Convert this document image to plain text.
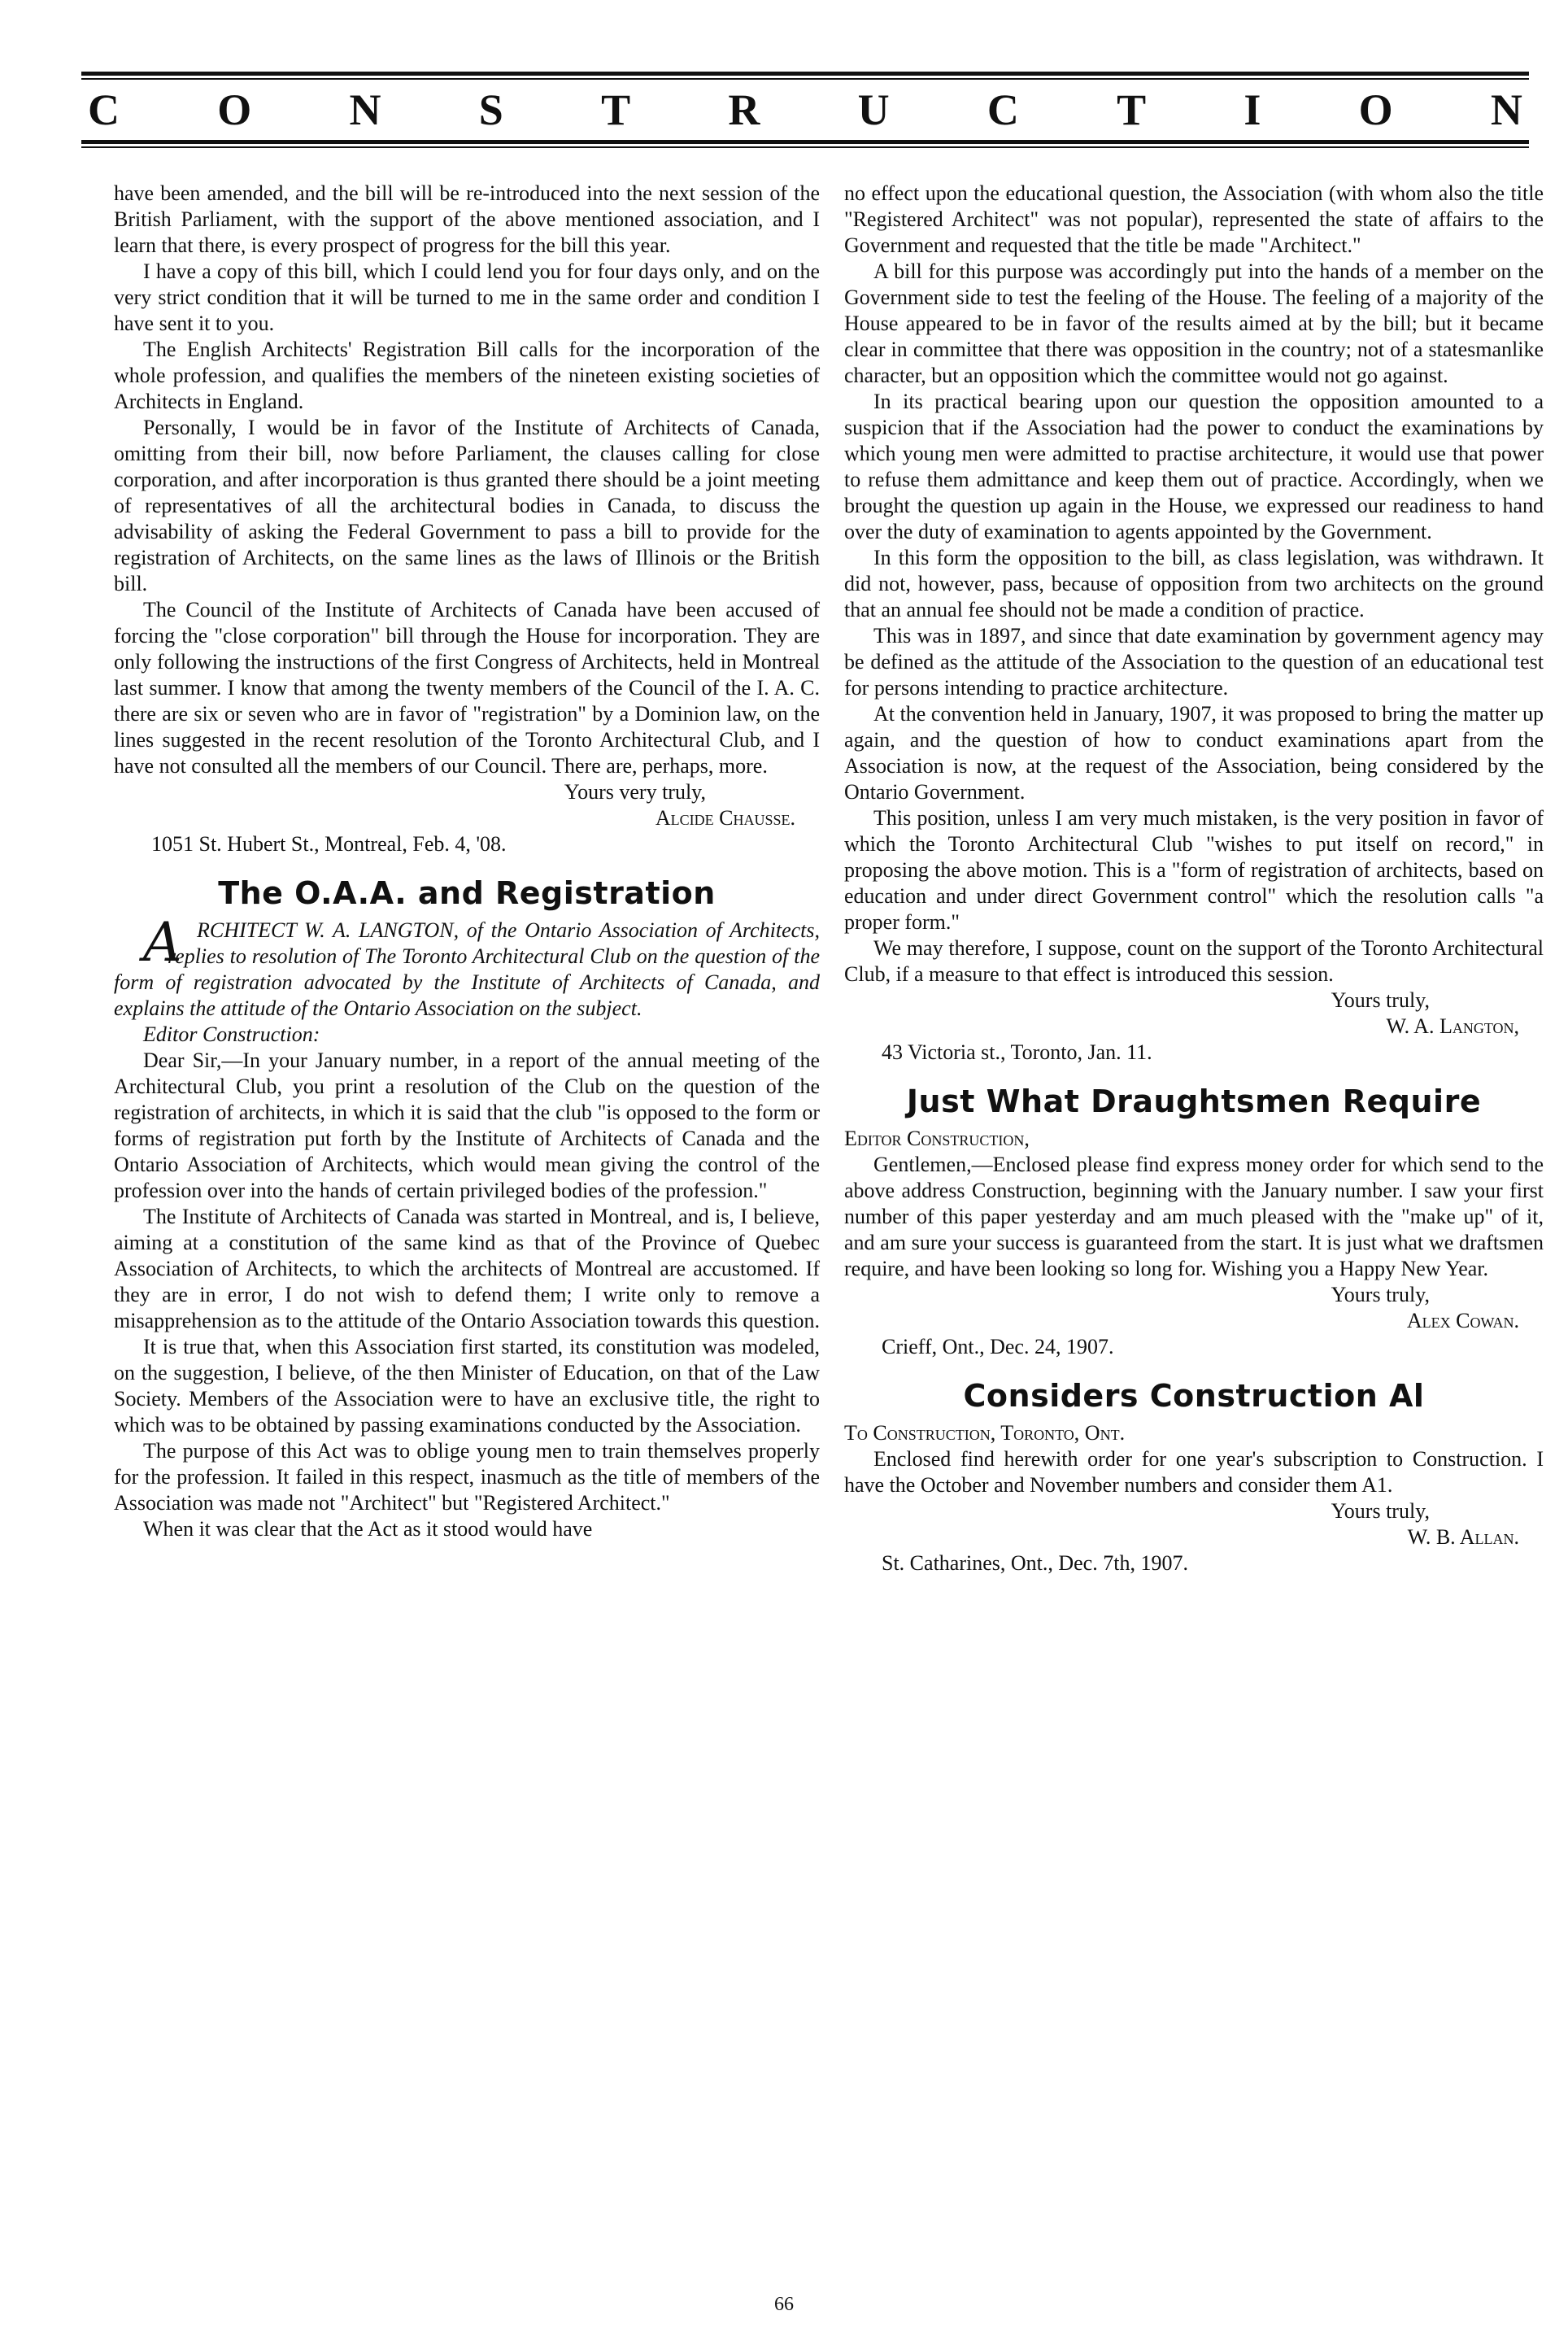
C O N S T R U C T I O N

have been amended, and the bill will be re-introduced into the next session of the British Parliament, with the support of the above mentioned association, and I learn that there, is every prospect of progress for the bill this year.

I have a copy of this bill, which I could lend you for four days only, and on the very strict condition that it will be turned to me in the same order and condition I have sent it to you.

The English Architects' Registration Bill calls for the incorporation of the whole profession, and qualifies the members of the nineteen existing societies of Architects in England.

Personally, I would be in favor of the Institute of Architects of Canada, omitting from their bill, now before Parliament, the clauses calling for close corporation, and after incorporation is thus granted there should be a joint meeting of representatives of all the architectural bodies in Canada, to discuss the advisability of asking the Federal Government to pass a bill to provide for the registration of Architects, on the same lines as the laws of Illinois or the British bill.

The Council of the Institute of Architects of Canada have been accused of forcing the "close corporation" bill through the House for incorporation. They are only following the instructions of the first Congress of Architects, held in Montreal last summer. I know that among the twenty members of the Council of the I. A. C. there are six or seven who are in favor of "registration" by a Dominion law, on the lines suggested in the recent resolution of the Toronto Architectural Club, and I have not consulted all the members of our Council. There are, perhaps, more.

Yours very truly,

Alcide Chausse.

1051 St. Hubert St., Montreal, Feb. 4, '08.

The O.A.A. and Registration

ARCHITECT W. A. LANGTON, of the Ontario Association of Architects, replies to resolution of The Toronto Architectural Club on the question of the form of registration advocated by the Institute of Architects of Canada, and explains the attitude of the Ontario Association on the subject.

Editor Construction:

Dear Sir,—In your January number, in a report of the annual meeting of the Architectural Club, you print a resolution of the Club on the question of the registration of architects, in which it is said that the club "is opposed to the form or forms of registration put forth by the Institute of Architects of Canada and the Ontario Association of Architects, which would mean giving the control of the profession over into the hands of certain privileged bodies of the profession."

The Institute of Architects of Canada was started in Montreal, and is, I believe, aiming at a constitution of the same kind as that of the Province of Quebec Association of Architects, to which the architects of Montreal are accustomed. If they are in error, I do not wish to defend them; I write only to remove a misapprehension as to the attitude of the Ontario Association towards this question.

It is true that, when this Association first started, its constitution was modeled, on the suggestion, I believe, of the then Minister of Education, on that of the Law Society. Members of the Association were to have an exclusive title, the right to which was to be obtained by passing examinations conducted by the Association.

The purpose of this Act was to oblige young men to train themselves properly for the profession. It failed in this respect, inasmuch as the title of members of the Association was made not "Architect" but "Registered Architect."

When it was clear that the Act as it stood would have

no effect upon the educational question, the Association (with whom also the title "Registered Architect" was not popular), represented the state of affairs to the Government and requested that the title be made "Architect."

A bill for this purpose was accordingly put into the hands of a member on the Government side to test the feeling of the House. The feeling of a majority of the House appeared to be in favor of the results aimed at by the bill; but it became clear in committee that there was opposition in the country; not of a statesmanlike character, but an opposition which the committee would not go against.

In its practical bearing upon our question the opposition amounted to a suspicion that if the Association had the power to conduct the examinations by which young men were admitted to practise architecture, it would use that power to refuse them admittance and keep them out of practice. Accordingly, when we brought the question up again in the House, we expressed our readiness to hand over the duty of examination to agents appointed by the Government.

In this form the opposition to the bill, as class legislation, was withdrawn. It did not, however, pass, because of opposition from two architects on the ground that an annual fee should not be made a condition of practice.

This was in 1897, and since that date examination by government agency may be defined as the attitude of the Association to the question of an educational test for persons intending to practice architecture.

At the convention held in January, 1907, it was proposed to bring the matter up again, and the question of how to conduct examinations apart from the Association is now, at the request of the Association, being considered by the Ontario Government.

This position, unless I am very much mistaken, is the very position in favor of which the Toronto Architectural Club "wishes to put itself on record," in proposing the above motion. This is a "form of registration of architects, based on education and under direct Government control" which the resolution calls "a proper form."

We may therefore, I suppose, count on the support of the Toronto Architectural Club, if a measure to that effect is introduced this session.

Yours truly,

W. A. Langton,

43 Victoria st., Toronto, Jan. 11.

Just What Draughtsmen Require

Editor Construction,

Gentlemen,—Enclosed please find express money order for which send to the above address Construction, beginning with the January number. I saw your first number of this paper yesterday and am much pleased with the "make up" of it, and am sure your success is guaranteed from the start. It is just what we draftsmen require, and have been looking so long for. Wishing you a Happy New Year.

Yours truly,

Alex Cowan.

Crieff, Ont., Dec. 24, 1907.

Considers Construction Al

To Construction, Toronto, Ont.

Enclosed find herewith order for one year's subscription to Construction. I have the October and November numbers and consider them A1.

Yours truly,

W. B. Allan.

St. Catharines, Ont., Dec. 7th, 1907.

66
